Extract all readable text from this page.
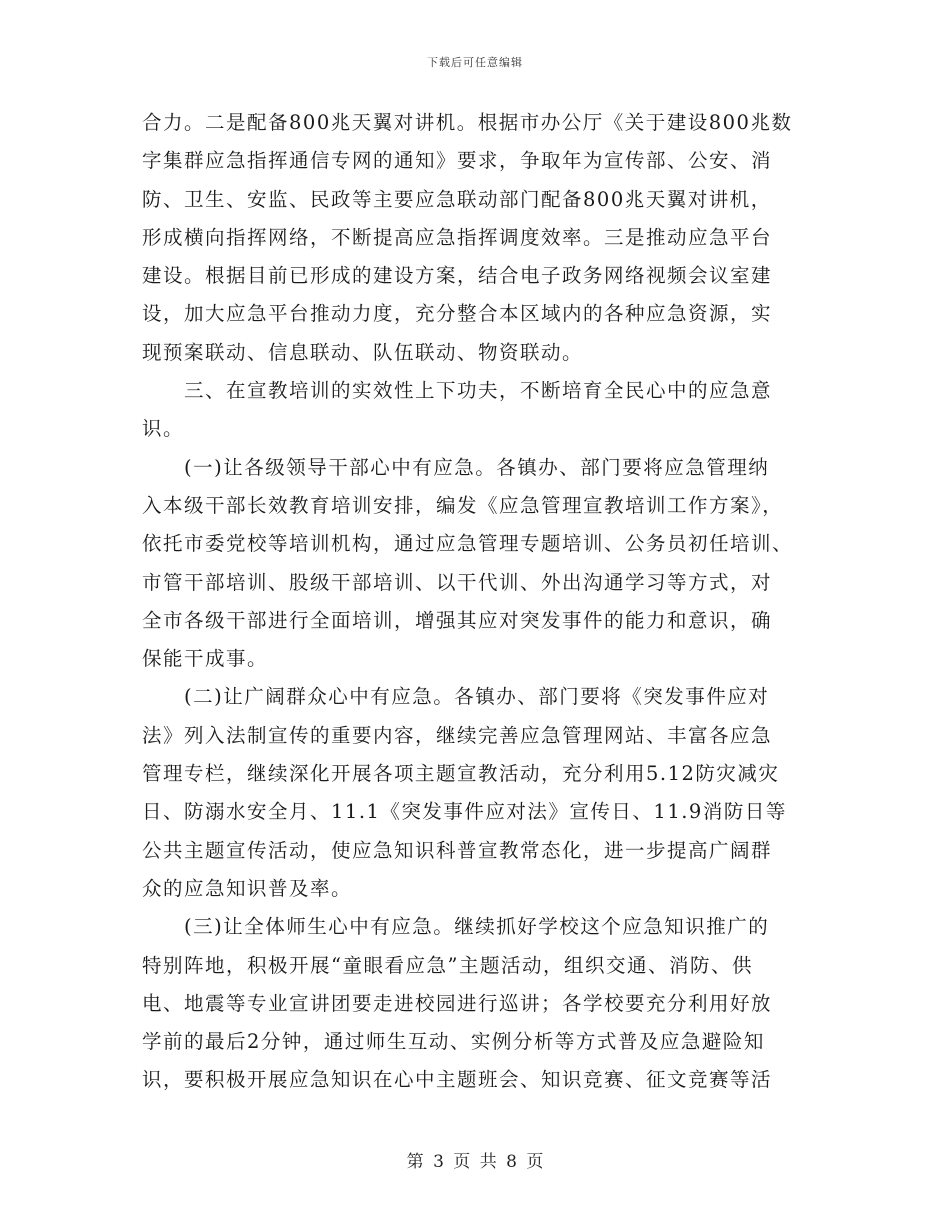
下载后可任意编辑

合力。二是配备800兆天翼对讲机。根据市办公厅《关于建设800兆数
字集群应急指挥通信专网的通知》要求，争取年为宣传部、公安、消
防、卫生、安监、民政等主要应急联动部门配备800兆天翼对讲机，
形成横向指挥网络，不断提高应急指挥调度效率。三是推动应急平台
建设。根据目前已形成的建设方案，结合电子政务网络视频会议室建
设，加大应急平台推动力度，充分整合本区域内的各种应急资源，实
现预案联动、信息联动、队伍联动、物资联动。

　　三、在宣教培训的实效性上下功夫，不断培育全民心中的应急意
识。

　　(一)让各级领导干部心中有应急。各镇办、部门要将应急管理纳
入本级干部长效教育培训安排，编发《应急管理宣教培训工作方案》，
依托市委党校等培训机构，通过应急管理专题培训、公务员初任培训、
市管干部培训、股级干部培训、以干代训、外出沟通学习等方式，对
全市各级干部进行全面培训，增强其应对突发事件的能力和意识，确
保能干成事。

　　(二)让广阔群众心中有应急。各镇办、部门要将《突发事件应对
法》列入法制宣传的重要内容，继续完善应急管理网站、丰富各应急
管理专栏，继续深化开展各项主题宣教活动，充分利用5.12防灾减灾
日、防溺水安全月、11.1《突发事件应对法》宣传日、11.9消防日等
公共主题宣传活动，使应急知识科普宣教常态化，进一步提高广阔群
众的应急知识普及率。

　　(三)让全体师生心中有应急。继续抓好学校这个应急知识推广的
特别阵地，积极开展“童眼看应急”主题活动，组织交通、消防、供
电、地震等专业宣讲团要走进校园进行巡讲；各学校要充分利用好放
学前的最后2分钟，通过师生互动、实例分析等方式普及应急避险知
识，要积极开展应急知识在心中主题班会、知识竞赛、征文竞赛等活

第 3 页 共 8 页
